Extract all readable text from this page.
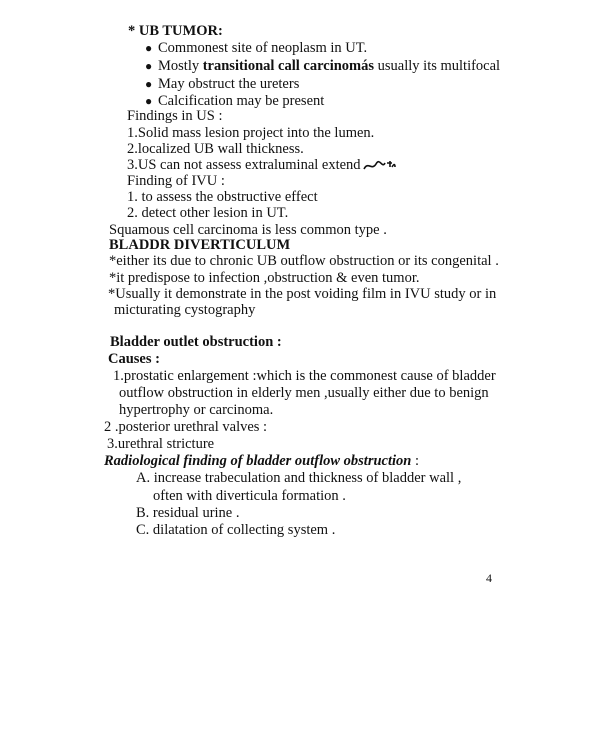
* UB TUMOR:
● Commonest site of neoplasm in UT.
● Mostly transitional call carcinomás usually its multifocal
● May obstruct the ureters
● Calcification may be present
Findings in US :
1.Solid mass lesion project into the lumen.
2.localized UB wall thickness.
3.US can not assess extraluminal extend
Finding of IVU :
1. to assess the obstructive effect
2. detect other lesion in UT.
Squamous cell carcinoma is less common type .
BLADDR DIVERTICULUM
*either its due to chronic UB outflow obstruction or its congenital .
*it predispose to infection ,obstruction & even tumor.
*Usually it demonstrate in the post voiding film in IVU study or in
micturating cystography
Bladder outlet obstruction :
Causes :
1.prostatic enlargement :which is the commonest cause of bladder
outflow obstruction in elderly men ,usually either due to benign
hypertrophy or carcinoma.
2 .posterior urethral valves :
3.urethral stricture
Radiological finding of bladder outflow obstruction :
A. increase trabeculation and thickness of bladder wall ,
often with diverticula formation .
B. residual urine .
C. dilatation of collecting system .
4
